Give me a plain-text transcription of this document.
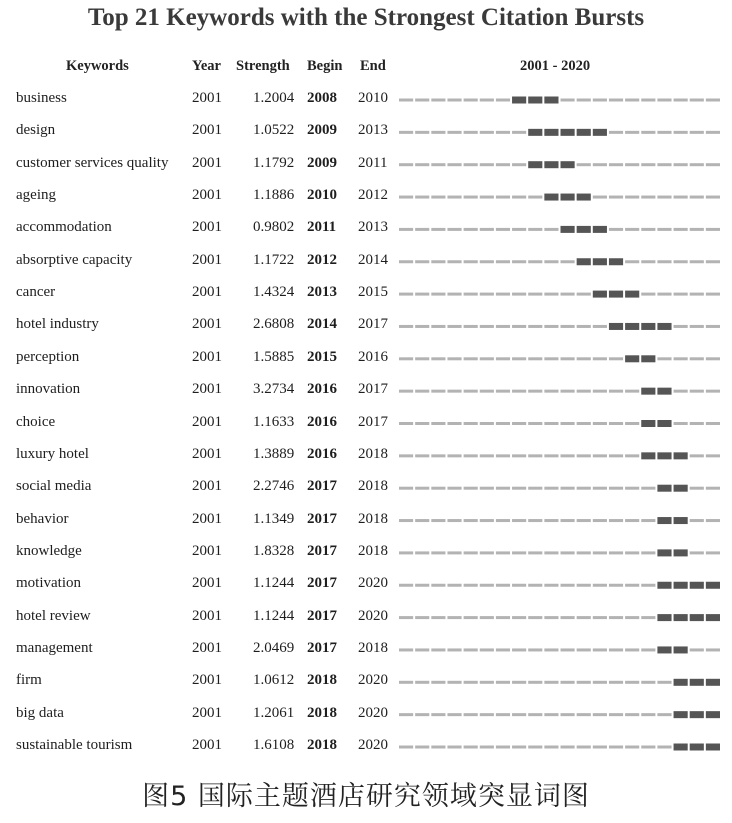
Top 21 Keywords with the Strongest Citation Bursts
Keywords	Year Strength Begin End	2001 - 2020
business	2001 1.2004 2008 2010
design	2001 1.0522 2009 2013
customer services quality 2001 1.1792 2009 2011
ageing	2001 1.1886 2010 2012
accommodation	2001 0.9802 2011 2013
absorptive capacity	2001 1.1722 2012 2014
cancer	2001 1.4324 2013 2015
hotel industry	2001 2.6808 2014 2017
perception	2001 1.5885 2015 2016
innovation	2001 3.2734 2016 2017
choice	2001 1.1633 2016 2017
luxury hotel	2001 1.3889 2016 2018
social media	2001 2.2746 2017 2018
behavior	2001 1.1349 2017 2018
knowledge	2001 1.8328 2017 2018
motivation	2001 1.1244 2017 2020
hotel review	2001 1.1244 2017 2020
management	2001 2.0469 2017 2018
firm	2001 1.0612 2018 2020
big data	2001 1.2061 2018 2020
sustainable tourism	2001 1.6108 2018 2020
图5 国际主题酒店研究领域突显词图
